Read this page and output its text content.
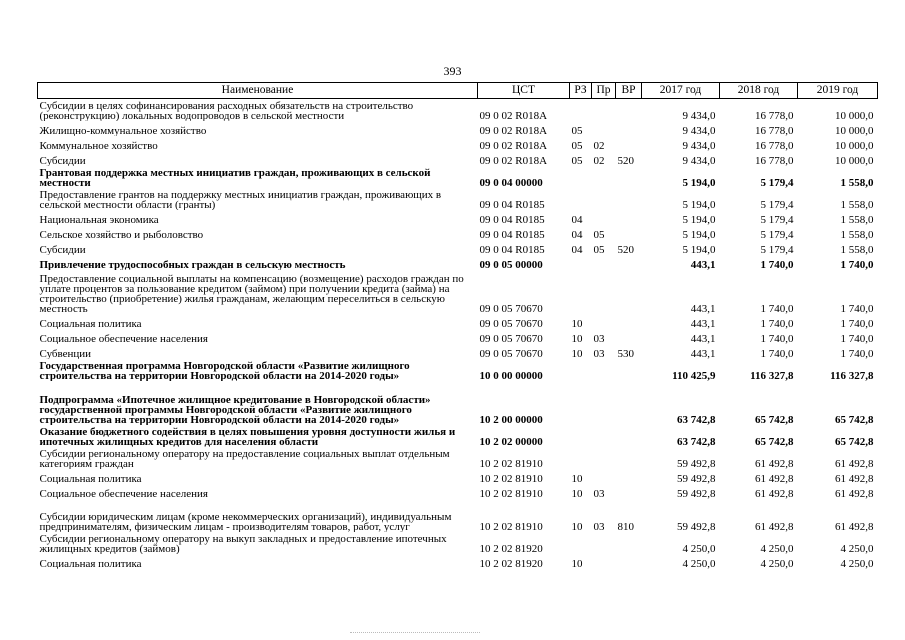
393
Наименование	ЦСТ	РЗ	Пр	ВР	2017 год	2018 год	2019 год
Субсидии в целях софинансирования расходных обязательств на строительство (реконструкцию) локальных водопроводов в сельской местности	09 0 02 R018A				9 434,0	16 778,0	10 000,0
Жилищно-коммунальное хозяйство	09 0 02 R018A	05			9 434,0	16 778,0	10 000,0
Коммунальное хозяйство	09 0 02 R018A	05	02		9 434,0	16 778,0	10 000,0
Субсидии	09 0 02 R018A	05	02	520	9 434,0	16 778,0	10 000,0
Грантовая поддержка местных инициатив граждан, проживающих в сельской местности	09 0 04 00000				5 194,0	5 179,4	1 558,0
Предоставление грантов на поддержку местных инициатив граждан, проживающих в сельской местности области (гранты)	09 0 04 R0185				5 194,0	5 179,4	1 558,0
Национальная экономика	09 0 04 R0185	04			5 194,0	5 179,4	1 558,0
Сельское хозяйство и рыболовство	09 0 04 R0185	04	05		5 194,0	5 179,4	1 558,0
Субсидии	09 0 04 R0185	04	05	520	5 194,0	5 179,4	1 558,0
Привлечение трудоспособных граждан в сельскую местность	09 0 05 00000				443,1	1 740,0	1 740,0
Предоставление социальной выплаты на компенсацию (возмещение) расходов граждан по уплате процентов за пользование кредитом (займом) при получении кредита (займа) на строительство (приобретение) жилья гражданам, желающим переселиться в сельскую местность	09 0 05 70670				443,1	1 740,0	1 740,0
Социальная политика	09 0 05 70670	10			443,1	1 740,0	1 740,0
Социальное обеспечение населения	09 0 05 70670	10	03		443,1	1 740,0	1 740,0
Субвенции	09 0 05 70670	10	03	530	443,1	1 740,0	1 740,0
Государственная программа Новгородской области «Развитие жилищного строительства на территории Новгородской области на 2014-2020 годы»	10 0 00 00000				110 425,9	116 327,8	116 327,8
Подпрограмма «Ипотечное жилищное кредитование в Новгородской области» государственной программы Новгородской области «Развитие жилищного строительства на территории Новгородской области на 2014-2020 годы»	10 2 00 00000				63 742,8	65 742,8	65 742,8
Оказание бюджетного содействия в целях повышения уровня доступности жилья и ипотечных жилищных кредитов для населения области	10 2 02 00000				63 742,8	65 742,8	65 742,8
Субсидии региональному оператору на предоставление социальных выплат отдельным категориям граждан	10 2 02 81910				59 492,8	61 492,8	61 492,8
Социальная политика	10 2 02 81910	10			59 492,8	61 492,8	61 492,8
Социальное обеспечение населения	10 2 02 81910	10	03		59 492,8	61 492,8	61 492,8
Субсидии юридическим лицам (кроме некоммерческих организаций), индивидуальным предпринимателям, физическим лицам - производителям товаров, работ, услуг	10 2 02 81910	10	03	810	59 492,8	61 492,8	61 492,8
Субсидии региональному оператору на выкуп закладных и предоставление ипотечных жилищных кредитов (займов)	10 2 02 81920				4 250,0	4 250,0	4 250,0
Социальная политика	10 2 02 81920	10			4 250,0	4 250,0	4 250,0
